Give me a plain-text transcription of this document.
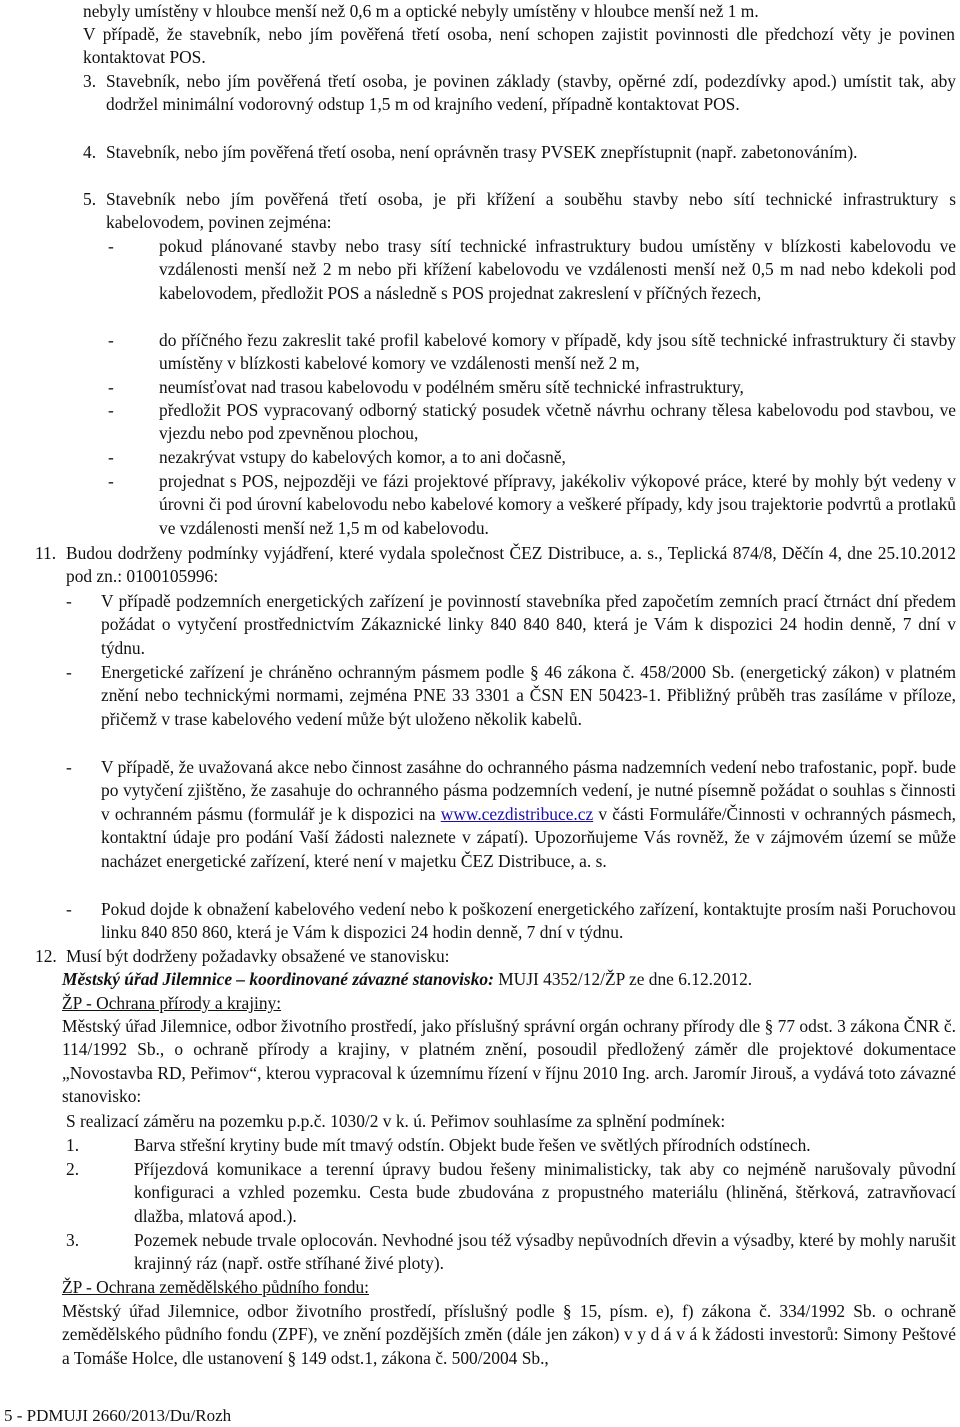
nebyly umístěny v hloubce menší než 0,6 m a optické nebyly umístěny v hloubce menší než 1 m.
V případě, že stavebník, nebo jím pověřená třetí osoba, není schopen zajistit povinnosti dle předchozí věty je povinen kontaktovat POS.
3. Stavebník, nebo jím pověřená třetí osoba, je povinen základy (stavby, opěrné zdí, podezdívky apod.) umístit tak, aby dodržel minimální vodorovný odstup 1,5 m od krajního vedení, případně kontaktovat POS.
4. Stavebník, nebo jím pověřená třetí osoba, není oprávněn trasy PVSEK znepřístupnit (např. zabetonováním).
5. Stavebník nebo jím pověřená třetí osoba, je při křížení a souběhu stavby nebo sítí technické infrastruktury s kabelovodem, povinen zejména:
-	pokud plánované stavby nebo trasy sítí technické infrastruktury budou umístěny v blízkosti kabelovodu ve vzdálenosti menší než 2 m nebo při křížení kabelovodu ve vzdálenosti menší než 0,5 m nad nebo kdekoli pod kabelovodem, předložit POS a následně s POS projednat zakreslení v příčných řezech,
-	do příčného řezu zakreslit také profil kabelové komory v případě, kdy jsou sítě technické infrastruktury či stavby umístěny v blízkosti kabelové komory ve vzdálenosti menší než 2 m,
-	neumísťovat nad trasou kabelovodu v podélném směru sítě technické infrastruktury,
-	předložit POS vypracovaný odborný statický posudek včetně návrhu ochrany tělesa kabelovodu pod stavbou, ve vjezdu nebo pod zpevněnou plochou,
-	nezakrývat vstupy do kabelových komor, a to ani dočasně,
-	projednat s POS, nejpozději ve fázi projektové přípravy, jakékoliv výkopové práce, které by mohly být vedeny v úrovni či pod úrovní kabelovodu nebo kabelové komory a veškeré případy, kdy jsou trajektorie podvrtů a protlaků ve vzdálenosti menší než 1,5 m od kabelovodu.
11. Budou dodrženy podmínky vyjádření, které vydala společnost ČEZ Distribuce, a. s., Teplická 874/8, Děčín 4, dne 25.10.2012 pod zn.: 0100105996:
- V případě podzemních energetických zařízení je povinností stavebníka před započetím zemních prací čtrnáct dní předem požádat o vytyčení prostřednictvím Zákaznické linky 840 840 840, která je Vám k dispozici 24 hodin denně, 7 dní v týdnu.
- Energetické zařízení je chráněno ochranným pásmem podle § 46 zákona č. 458/2000 Sb. (energetický zákon) v platném znění nebo technickými normami, zejména PNE 33 3301 a ČSN EN 50423-1. Přibližný průběh tras zasíláme v příloze, přičemž v trase kabelového vedení může být uloženo několik kabelů.
- V případě, že uvažovaná akce nebo činnost zasáhne do ochranného pásma nadzemních vedení nebo trafostanic, popř. bude po vytyčení zjištěno, že zasahuje do ochranného pásma podzemních vedení, je nutné písemně požádat o souhlas s činnosti v ochranném pásmu (formulář je k dispozici na www.cezdistribuce.cz v části Formuláře/Činnosti v ochranných pásmech, kontaktní údaje pro podání Vaší žádosti naleznete v zápatí). Upozorňujeme Vás rovněž, že v zájmovém území se může nacházet energetické zařízení, které není v majetku ČEZ Distribuce, a. s.
- Pokud dojde k obnažení kabelového vedení nebo k poškození energetického zařízení, kontaktujte prosím naši Poruchovou linku 840 850 860, která je Vám k dispozici 24 hodin denně, 7 dní v týdnu.
12. Musí být dodrženy požadavky obsažené ve stanovisku:
Městský úřad Jilemnice – koordinované závazné stanovisko: MUJI 4352/12/ŽP ze dne 6.12.2012.
ŽP - Ochrana přírody a krajiny:
Městský úřad Jilemnice, odbor životního prostředí, jako příslušný správní orgán ochrany přírody dle § 77 odst. 3 zákona ČNR č. 114/1992 Sb., o ochraně přírody a krajiny, v platném znění, posoudil předložený záměr dle projektové dokumentace „Novostavba RD, Peřimov“, kterou vypracoval k územnímu řízení v říjnu 2010 Ing. arch. Jaromír Jirouš, a vydává toto závazné stanovisko:
S realizací záměru na pozemku p.p.č. 1030/2 v k. ú. Peřimov souhlasíme za splnění podmínek:
1.	Barva střešní krytiny bude mít tmavý odstín. Objekt bude řešen ve světlých přírodních odstínech.
2.	Příjezdová komunikace a terenní úpravy budou řešeny minimalisticky, tak aby co nejméně narušovaly původní konfiguraci a vzhled pozemku. Cesta bude zbudována z propustného materiálu (hliněná, štěrková, zatravňovací dlažba, mlatová apod.).
3.	Pozemek nebude trvale oplocován. Nevhodné jsou též výsadby nepůvodních dřevin a výsadby, které by mohly narušit krajinný ráz (např. ostře stříhané živé ploty).
ŽP - Ochrana zemědělského půdního fondu:
Městský úřad Jilemnice, odbor životního prostředí, příslušný podle § 15, písm. e), f) zákona č. 334/1992 Sb. o ochraně zemědělského půdního fondu (ZPF), ve znění pozdějších změn (dále jen zákon) v y d á v á k žádosti investorů: Simony Peštové a Tomáše Holce, dle ustanovení § 149 odst.1, zákona č. 500/2004 Sb.,
5 - PDMUJI 2660/2013/Du/Rozh
